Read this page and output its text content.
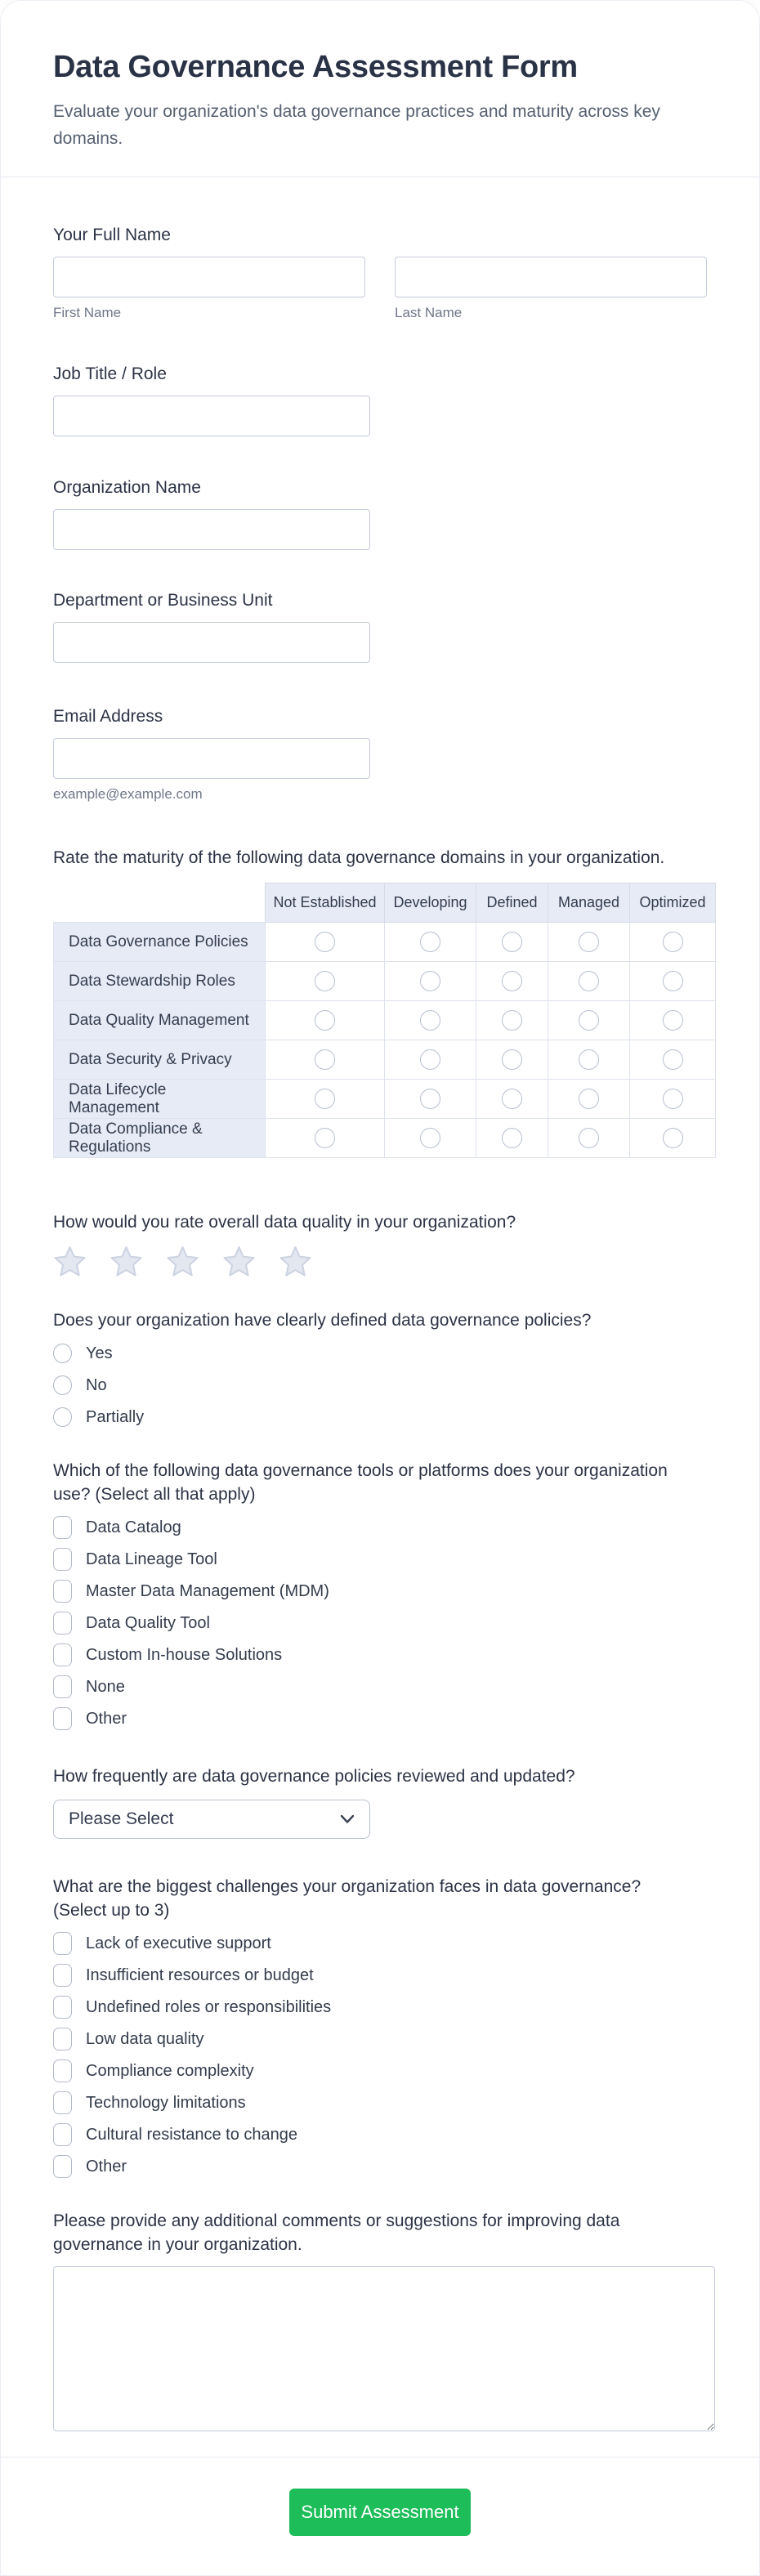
Data Governance Assessment Form

Evaluate your organization's data governance practices and maturity across key domains.

Your Full Name
First Name	Last Name
Job Title / Role
Organization Name
Department or Business Unit
Email Address
example@example.com
Rate the maturity of the following data governance domains in your organization.
	Not Established	Developing	Defined	Managed	Optimized
Data Governance Policies					
Data Stewardship Roles					
Data Quality Management					
Data Security & Privacy					
Data Lifecycle Management					
Data Compliance & Regulations					
How would you rate overall data quality in your organization?
Does your organization have clearly defined data governance policies?
Yes
No
Partially
Which of the following data governance tools or platforms does your organization use? (Select all that apply)
Data Catalog
Data Lineage Tool
Master Data Management (MDM)
Data Quality Tool
Custom In-house Solutions
None
Other
How frequently are data governance policies reviewed and updated?
Please Select
What are the biggest challenges your organization faces in data governance? (Select up to 3)
Lack of executive support
Insufficient resources or budget
Undefined roles or responsibilities
Low data quality
Compliance complexity
Technology limitations
Cultural resistance to change
Other
Please provide any additional comments or suggestions for improving data governance in your organization.
Submit Assessment
